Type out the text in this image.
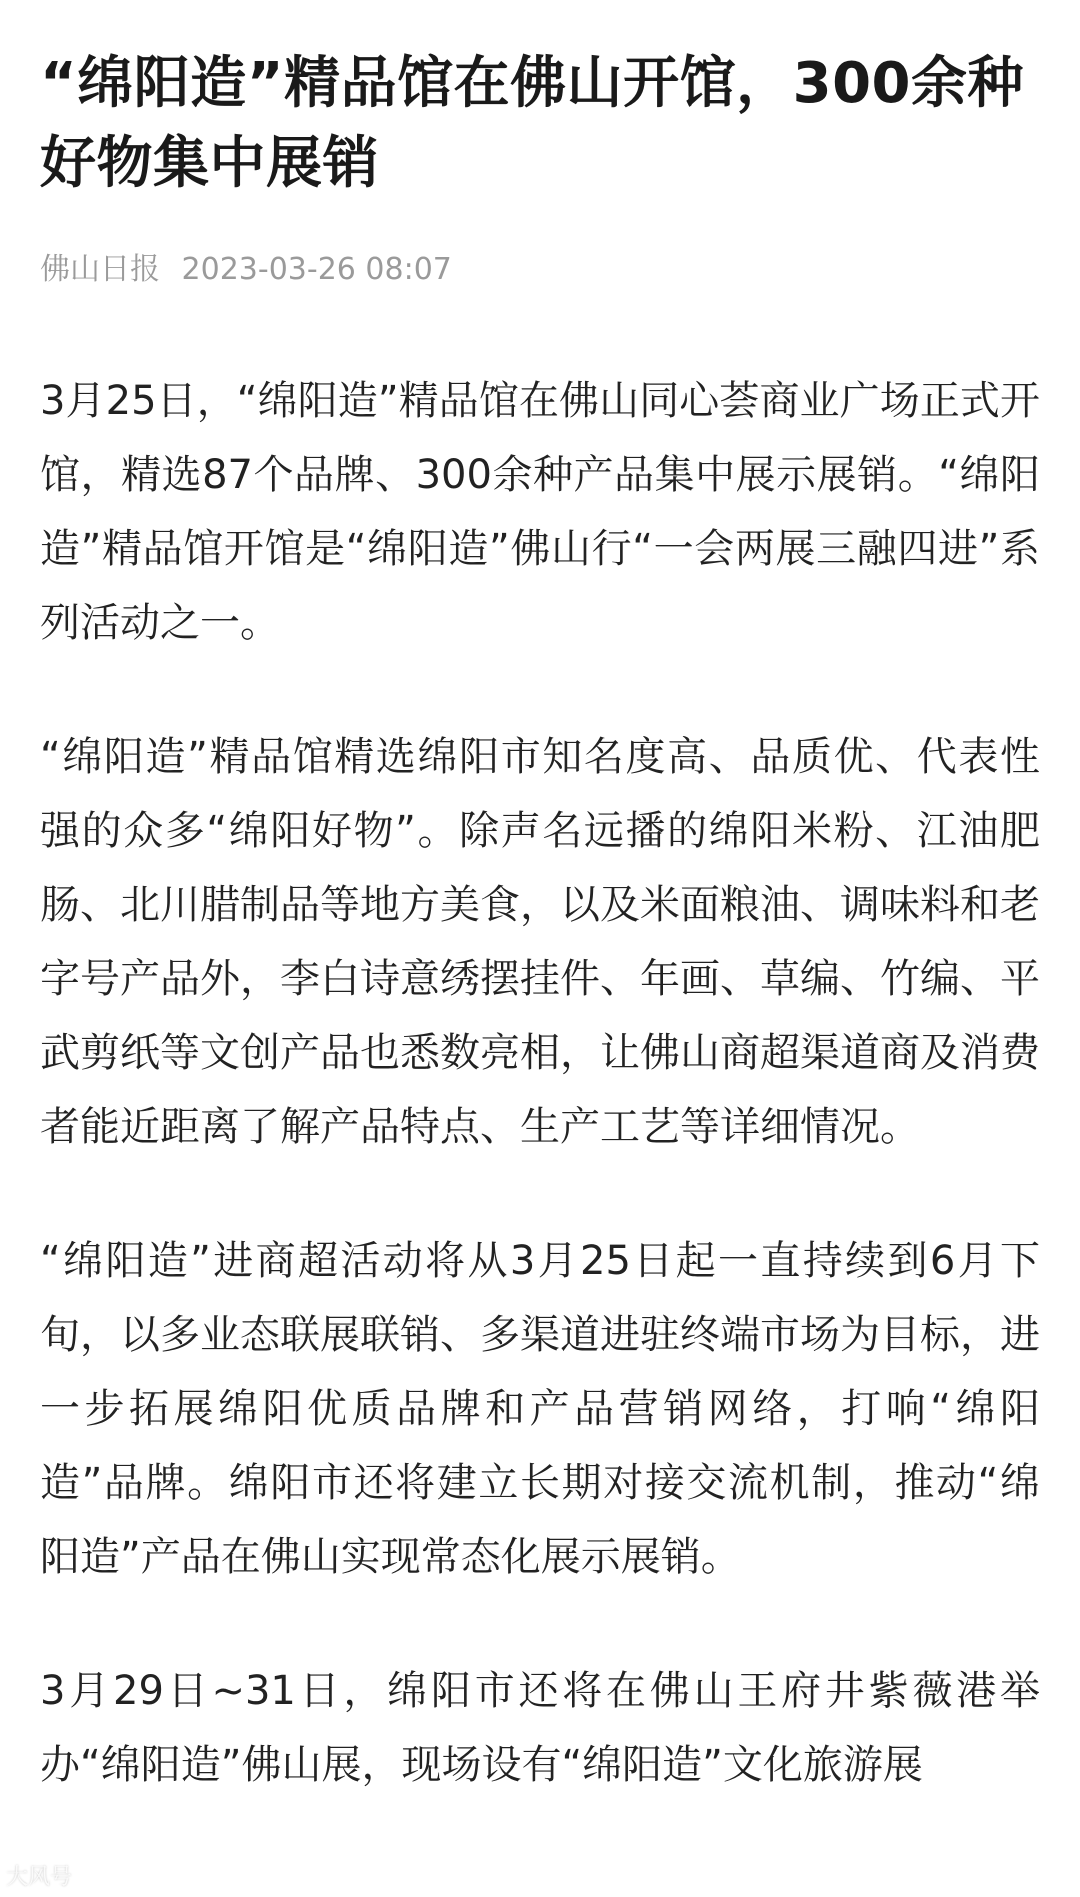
“绵阳造”精品馆在佛山开馆，300余种好物集中展销
佛山日报 2023-03-26 08:07

3月25日，“绵阳造”精品馆在佛山同心荟商业广场正式开馆，精选87个品牌、300余种产品集中展示展销。“绵阳造”精品馆开馆是“绵阳造”佛山行“一会两展三融四进”系列活动之一。

“绵阳造”精品馆精选绵阳市知名度高、品质优、代表性强的众多“绵阳好物”。除声名远播的绵阳米粉、江油肥肠、北川腊制品等地方美食，以及米面粮油、调味料和老字号产品外，李白诗意绣摆挂件、年画、草编、竹编、平武剪纸等文创产品也悉数亮相，让佛山商超渠道商及消费者能近距离了解产品特点、生产工艺等详细情况。

“绵阳造”进商超活动将从3月25日起一直持续到6月下旬，以多业态联展联销、多渠道进驻终端市场为目标，进一步拓展绵阳优质品牌和产品营销网络，打响“绵阳造”品牌。绵阳市还将建立长期对接交流机制，推动“绵阳造”产品在佛山实现常态化展示展销。

3月29日~31日，绵阳市还将在佛山王府井紫薇港举办“绵阳造”佛山展，现场设有“绵阳造”文化旅游展

大风号
